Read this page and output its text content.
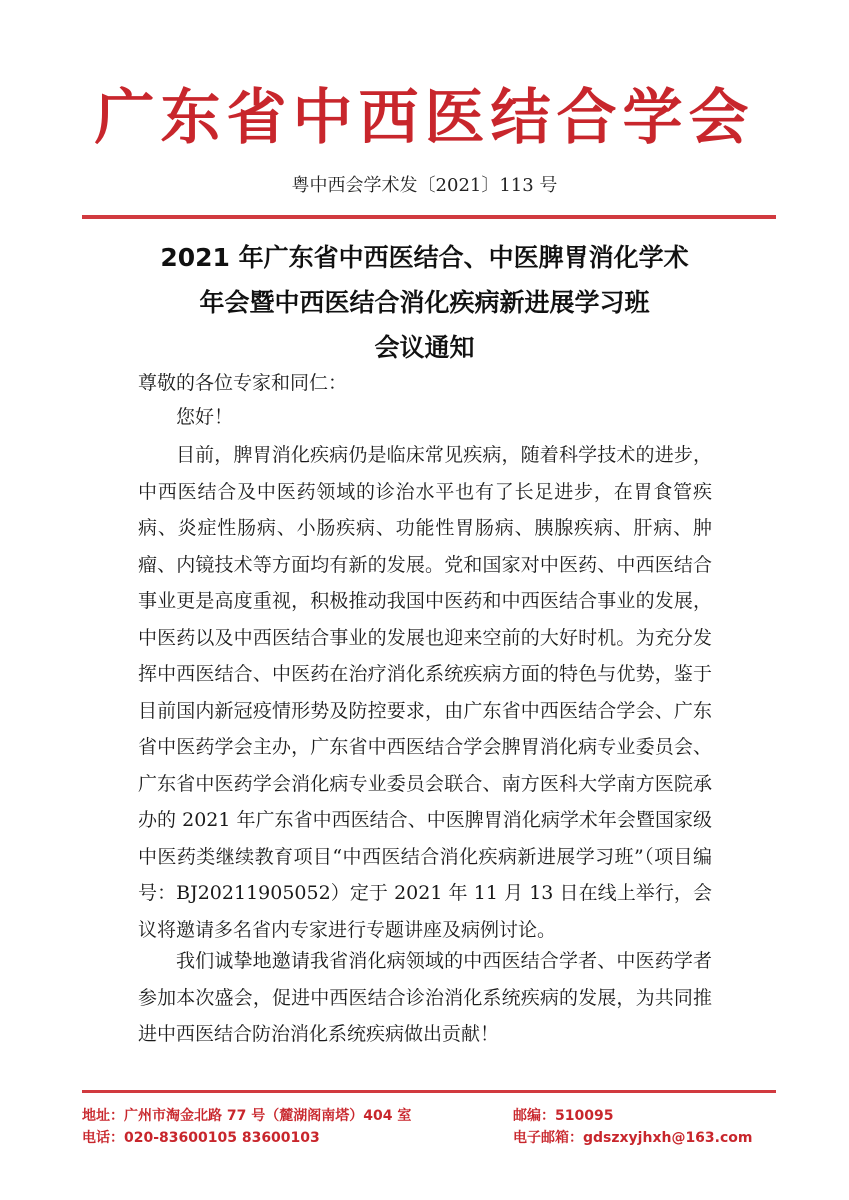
广东省中西医结合学会
粤中西会学术发〔2021〕113 号
2021 年广东省中西医结合、中医脾胃消化学术
年会暨中西医结合消化疾病新进展学习班
会议通知
尊敬的各位专家和同仁：
您好！
目前，脾胃消化疾病仍是临床常见疾病，随着科学技术的进步，中西医结合及中医药领域的诊治水平也有了长足进步，在胃食管疾病、炎症性肠病、小肠疾病、功能性胃肠病、胰腺疾病、肝病、肿瘤、内镜技术等方面均有新的发展。党和国家对中医药、中西医结合事业更是高度重视，积极推动我国中医药和中西医结合事业的发展，中医药以及中西医结合事业的发展也迎来空前的大好时机。为充分发挥中西医结合、中医药在治疗消化系统疾病方面的特色与优势，鉴于目前国内新冠疫情形势及防控要求，由广东省中西医结合学会、广东省中医药学会主办，广东省中西医结合学会脾胃消化病专业委员会、广东省中医药学会消化病专业委员会联合、南方医科大学南方医院承办的 2021 年广东省中西医结合、中医脾胃消化病学术年会暨国家级中医药类继续教育项目“中西医结合消化疾病新进展学习班”（项目编号：BJ20211905052）定于 2021 年 11 月 13 日在线上举行，会议将邀请多名省内专家进行专题讲座及病例讨论。
我们诚挚地邀请我省消化病领域的中西医结合学者、中医药学者参加本次盛会，促进中西医结合诊治消化系统疾病的发展，为共同推进中西医结合防治消化系统疾病做出贡献！
地址：广州市淘金北路 77 号（麓湖阁南塔）404 室	邮编：510095
电话：020-83600105 83600103	电子邮箱：gdszxyjhxh@163.com
